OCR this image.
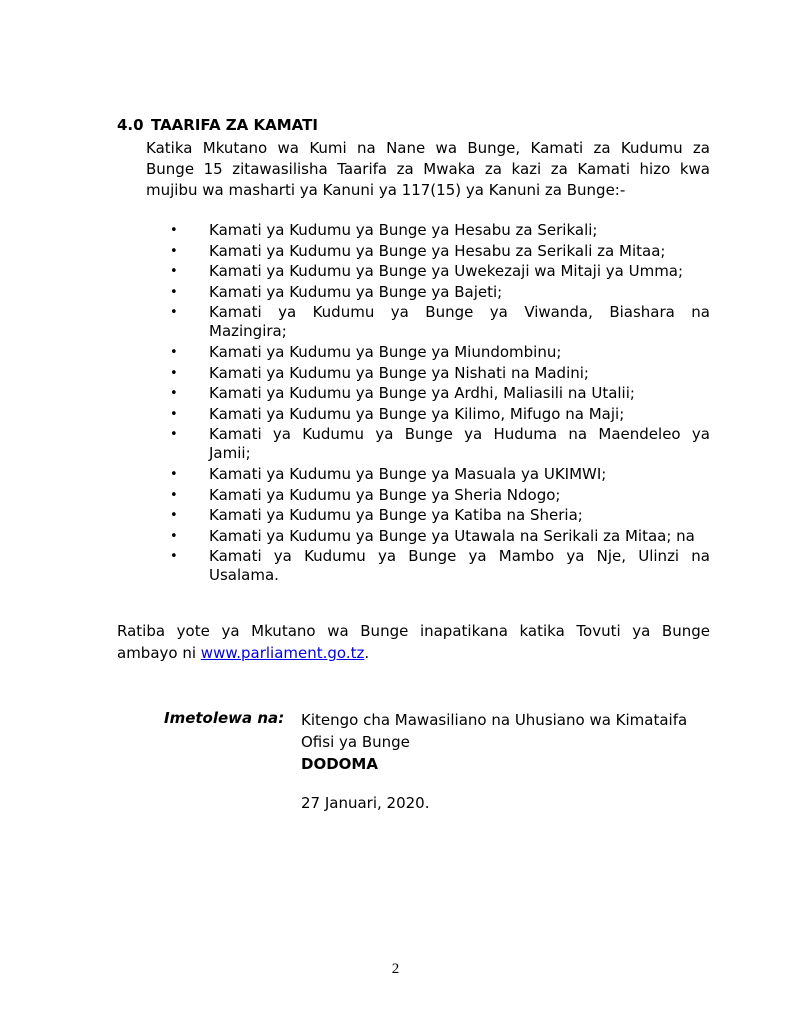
4.0 TAARIFA ZA KAMATI
Katika Mkutano wa Kumi na Nane wa Bunge, Kamati za Kudumu za
Bunge 15 zitawasilisha Taarifa za Mwaka za kazi za Kamati hizo kwa
mujibu wa masharti ya Kanuni ya 117(15) ya Kanuni za Bunge:-
• Kamati ya Kudumu ya Bunge ya Hesabu za Serikali;
• Kamati ya Kudumu ya Bunge ya Hesabu za Serikali za Mitaa;
• Kamati ya Kudumu ya Bunge ya Uwekezaji wa Mitaji ya Umma;
• Kamati ya Kudumu ya Bunge ya Bajeti;
• Kamati ya Kudumu ya Bunge ya Viwanda, Biashara na
Mazingira;
• Kamati ya Kudumu ya Bunge ya Miundombinu;
• Kamati ya Kudumu ya Bunge ya Nishati na Madini;
• Kamati ya Kudumu ya Bunge ya Ardhi, Maliasili na Utalii;
• Kamati ya Kudumu ya Bunge ya Kilimo, Mifugo na Maji;
• Kamati ya Kudumu ya Bunge ya Huduma na Maendeleo ya
Jamii;
• Kamati ya Kudumu ya Bunge ya Masuala ya UKIMWI;
• Kamati ya Kudumu ya Bunge ya Sheria Ndogo;
• Kamati ya Kudumu ya Bunge ya Katiba na Sheria;
• Kamati ya Kudumu ya Bunge ya Utawala na Serikali za Mitaa; na
• Kamati ya Kudumu ya Bunge ya Mambo ya Nje, Ulinzi na
Usalama.
Ratiba yote ya Mkutano wa Bunge inapatikana katika Tovuti ya Bunge
ambayo ni www.parliament.go.tz.
Imetolewa na: Kitengo cha Mawasiliano na Uhusiano wa Kimataifa
Ofisi ya Bunge
DODOMA
27 Januari, 2020.
2
